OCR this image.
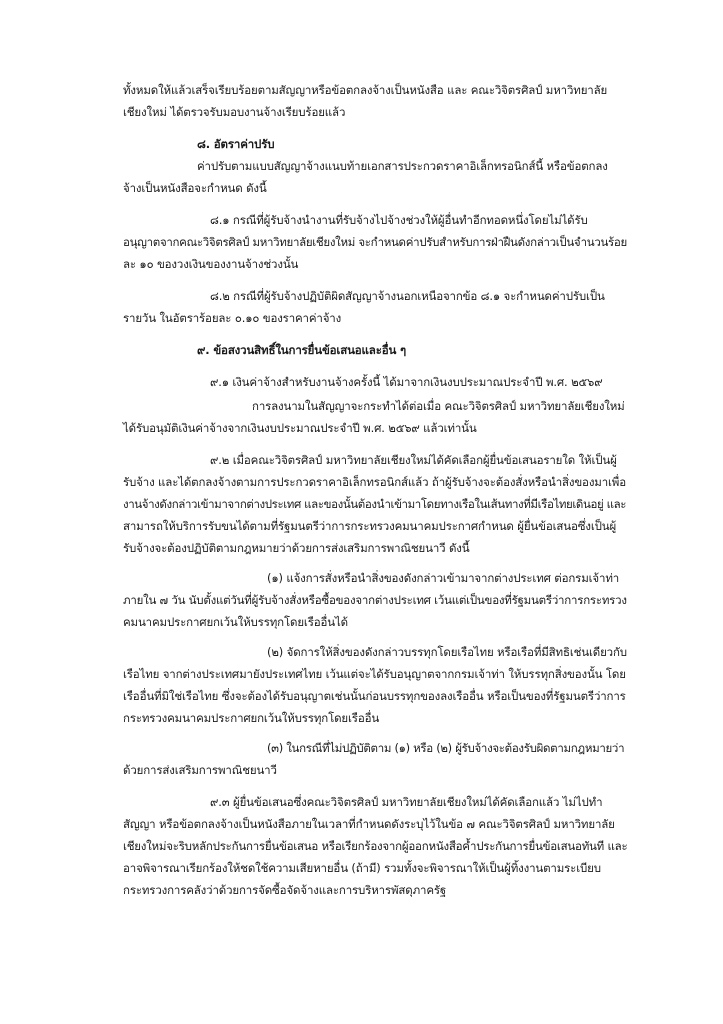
ทั้งหมดให้แล้วเสร็จเรียบร้อยตามสัญญาหรือข้อตกลงจ้างเป็นหนังสือ และ คณะวิจิตรศิลป์ มหาวิทยาลัย
เชียงใหม่ ได้ตรวจรับมอบงานจ้างเรียบร้อยแล้ว
๘. อัตราค่าปรับ
ค่าปรับตามแบบสัญญาจ้างแนบท้ายเอกสารประกวดราคาอิเล็กทรอนิกส์นี้ หรือข้อตกลง
จ้างเป็นหนังสือจะกำหนด ดังนี้
๘.๑ กรณีที่ผู้รับจ้างนำงานที่รับจ้างไปจ้างช่วงให้ผู้อื่นทำอีกทอดหนึ่งโดยไม่ได้รับ
อนุญาตจากคณะวิจิตรศิลป์ มหาวิทยาลัยเชียงใหม่ จะกำหนดค่าปรับสำหรับการฝ่าฝืนดังกล่าวเป็นจำนวนร้อย
ละ ๑๐ ของวงเงินของงานจ้างช่วงนั้น
๘.๒ กรณีที่ผู้รับจ้างปฏิบัติผิดสัญญาจ้างนอกเหนือจากข้อ ๘.๑ จะกำหนดค่าปรับเป็น
รายวัน ในอัตราร้อยละ ๐.๑๐ ของราคาค่าจ้าง
๙. ข้อสงวนสิทธิ์ในการยื่นข้อเสนอและอื่น ๆ
๙.๑ เงินค่าจ้างสำหรับงานจ้างครั้งนี้ ได้มาจากเงินงบประมาณประจำปี พ.ศ. ๒๕๖๙
การลงนามในสัญญาจะกระทำได้ต่อเมื่อ คณะวิจิตรศิลป์ มหาวิทยาลัยเชียงใหม่
ได้รับอนุมัติเงินค่าจ้างจากเงินงบประมาณประจำปี พ.ศ. ๒๕๖๙ แล้วเท่านั้น
๙.๒ เมื่อคณะวิจิตรศิลป์ มหาวิทยาลัยเชียงใหม่ได้คัดเลือกผู้ยื่นข้อเสนอรายใด ให้เป็นผู้
รับจ้าง และได้ตกลงจ้างตามการประกวดราคาอิเล็กทรอนิกส์แล้ว ถ้าผู้รับจ้างจะต้องสั่งหรือนำสิ่งของมาเพื่อ
งานจ้างดังกล่าวเข้ามาจากต่างประเทศ และของนั้นต้องนำเข้ามาโดยทางเรือในเส้นทางที่มีเรือไทยเดินอยู่ และ
สามารถให้บริการรับขนได้ตามที่รัฐมนตรีว่าการกระทรวงคมนาคมประกาศกำหนด ผู้ยื่นข้อเสนอซึ่งเป็นผู้
รับจ้างจะต้องปฏิบัติตามกฎหมายว่าด้วยการส่งเสริมการพาณิชยนาวี ดังนี้
(๑) แจ้งการสั่งหรือนำสิ่งของดังกล่าวเข้ามาจากต่างประเทศ ต่อกรมเจ้าท่า
ภายใน ๗ วัน นับตั้งแต่วันที่ผู้รับจ้างสั่งหรือซื้อของจากต่างประเทศ เว้นแต่เป็นของที่รัฐมนตรีว่าการกระทรวง
คมนาคมประกาศยกเว้นให้บรรทุกโดยเรืออื่นได้
(๒) จัดการให้สิ่งของดังกล่าวบรรทุกโดยเรือไทย หรือเรือที่มีสิทธิเช่นเดียวกับ
เรือไทย จากต่างประเทศมายังประเทศไทย เว้นแต่จะได้รับอนุญาตจากกรมเจ้าท่า ให้บรรทุกสิ่งของนั้น โดย
เรืออื่นที่มิใช่เรือไทย ซึ่งจะต้องได้รับอนุญาตเช่นนั้นก่อนบรรทุกของลงเรืออื่น หรือเป็นของที่รัฐมนตรีว่าการ
กระทรวงคมนาคมประกาศยกเว้นให้บรรทุกโดยเรืออื่น
(๓) ในกรณีที่ไม่ปฏิบัติตาม (๑) หรือ (๒) ผู้รับจ้างจะต้องรับผิดตามกฎหมายว่า
ด้วยการส่งเสริมการพาณิชยนาวี
๙.๓ ผู้ยื่นข้อเสนอซึ่งคณะวิจิตรศิลป์ มหาวิทยาลัยเชียงใหม่ได้คัดเลือกแล้ว ไม่ไปทำ
สัญญา หรือข้อตกลงจ้างเป็นหนังสือภายในเวลาที่กำหนดดังระบุไว้ในข้อ ๗ คณะวิจิตรศิลป์ มหาวิทยาลัย
เชียงใหม่จะริบหลักประกันการยื่นข้อเสนอ หรือเรียกร้องจากผู้ออกหนังสือค้ำประกันการยื่นข้อเสนอทันที และ
อาจพิจารณาเรียกร้องให้ชดใช้ความเสียหายอื่น (ถ้ามี) รวมทั้งจะพิจารณาให้เป็นผู้ทิ้งงานตามระเบียบ
กระทรวงการคลังว่าด้วยการจัดซื้อจัดจ้างและการบริหารพัสดุภาครัฐ
